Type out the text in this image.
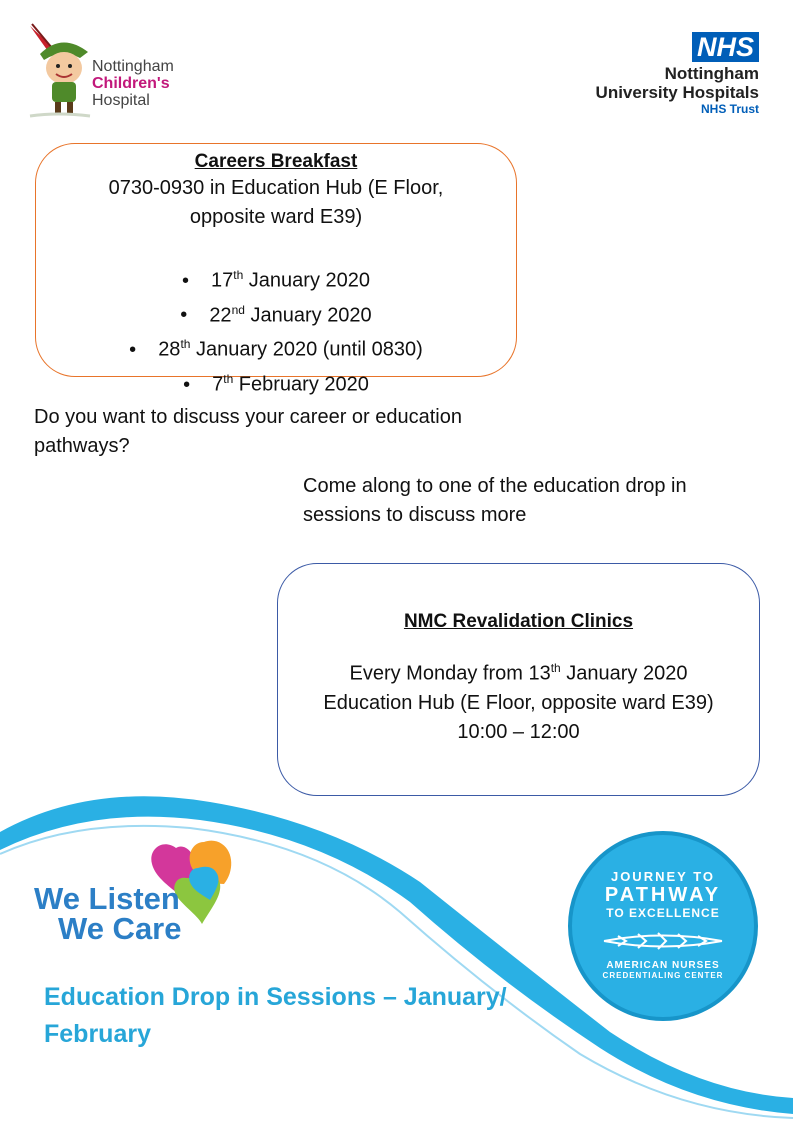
Nottingham
Children's
Hospital
NHS
Nottingham
University Hospitals
NHS Trust
Careers Breakfast
0730-0930 in Education Hub (E Floor,
opposite ward E39)
• 17th January 2020
• 22nd January 2020
• 28th January 2020 (until 0830)
• 7th February 2020
Do you want to discuss your career or education
pathways?
Come along to one of the education drop in
sessions to discuss more
NMC Revalidation Clinics
Every Monday from 13th January 2020
Education Hub (E Floor, opposite ward E39)
10:00 – 12:00
We Listen
We Care
JOURNEY TO
PATHWAY
TO EXCELLENCE
AMERICAN NURSES
CREDENTIALING CENTER
Education Drop in Sessions – January/
February
